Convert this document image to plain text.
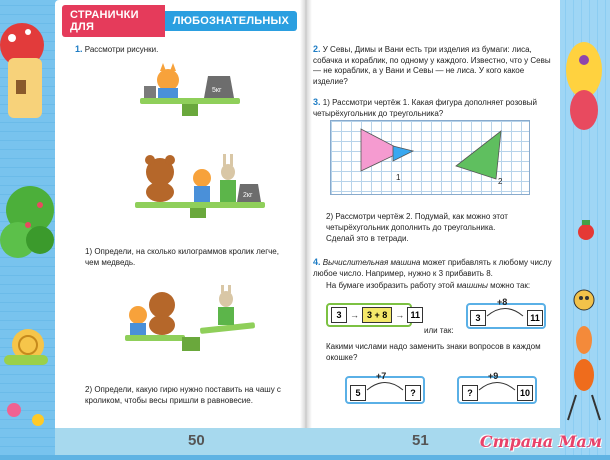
СТРАНИЧКИ ДЛЯ	ЛЮБОЗНАТЕЛЬНЫХ
1. Рассмотри рисунки.
5кг
2кг
1) Определи, на сколько килограммов кролик легче, чем медведь.
2) Определи, какую гирю нужно поставить на чашу с кроликом, чтобы весы пришли в равновесие.
2. У Севы, Димы и Вани есть три изделия из бумаги: лиса, собачка и кораблик, по одному у каждого. Известно, что у Севы — не кораблик, а у Вани и Севы — не лиса. У кого какое изделие?
3. 1) Рассмотри чертёж 1. Какая фигура дополняет розовый четырёхугольник до треугольника?
1	2
2) Рассмотри чертёж 2. Подумай, как можно этот четырёхугольник дополнить до треугольника.
Сделай это в тетради.
4. Вычислительная машина может прибавлять к любому числу любое число. Например, нужно к 3 прибавить 8.
На бумаге изобразить работу этой машины можно так:
3 → 3
+ 8 → 11
или так:
+8
3	11
Какими числами надо заменить знаки вопросов в каждом окошке?
+7
5	?
+9
?	10
50	51	Страна Мам
